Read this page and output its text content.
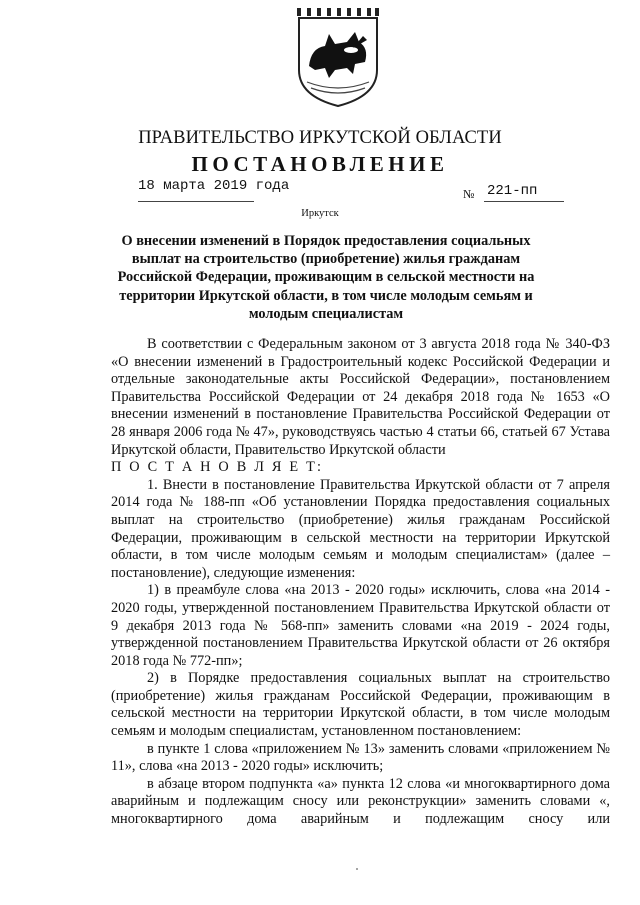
ПРАВИТЕЛЬСТВО ИРКУТСКОЙ ОБЛАСТИ
ПОСТАНОВЛЕНИЕ
18 марта 2019 года	№ 221-пп
Иркутск
О внесении изменений в Порядок предоставления социальных выплат на строительство (приобретение) жилья гражданам Российской Федерации, проживающим в сельской местности на территории Иркутской области, в том числе молодым семьям и молодым специалистам

В соответствии с Федеральным законом от 3 августа 2018 года № 340-ФЗ «О внесении изменений в Градостроительный кодекс Российской Федерации и отдельные законодательные акты Российской Федерации», постановлением Правительства Российской Федерации от 24 декабря 2018 года № 1653 «О внесении изменений в постановление Правительства Российской Федерации от 28 января 2006 года № 47», руководствуясь частью 4 статьи 66, статьей 67 Устава Иркутской области, Правительство Иркутской области

П О С Т А Н О В Л Я Е Т:

1. Внести в постановление Правительства Иркутской области от 7 апреля 2014 года № 188-пп «Об установлении Порядка предоставления социальных выплат на строительство (приобретение) жилья гражданам Российской Федерации, проживающим в сельской местности на территории Иркутской области, в том числе молодым семьям и молодым специалистам» (далее – постановление), следующие изменения:

1) в преамбуле слова «на 2013 - 2020 годы» исключить, слова «на 2014 - 2020 годы, утвержденной постановлением Правительства Иркутской области от 9 декабря 2013 года № 568-пп» заменить словами «на 2019 - 2024 годы, утвержденной постановлением Правительства Иркутской области от 26 октября 2018 года № 772-пп»;

2) в Порядке предоставления социальных выплат на строительство (приобретение) жилья гражданам Российской Федерации, проживающим в сельской местности на территории Иркутской области, в том числе молодым семьям и молодым специалистам, установленном постановлением:

в пункте 1 слова «приложением № 13» заменить словами «приложением № 11», слова «на 2013 - 2020 годы» исключить;

в абзаце втором подпункта «а» пункта 12 слова «и многоквартирного дома аварийным и подлежащим сносу или реконструкции» заменить словами «, многоквартирного дома аварийным и подлежащим сносу или
